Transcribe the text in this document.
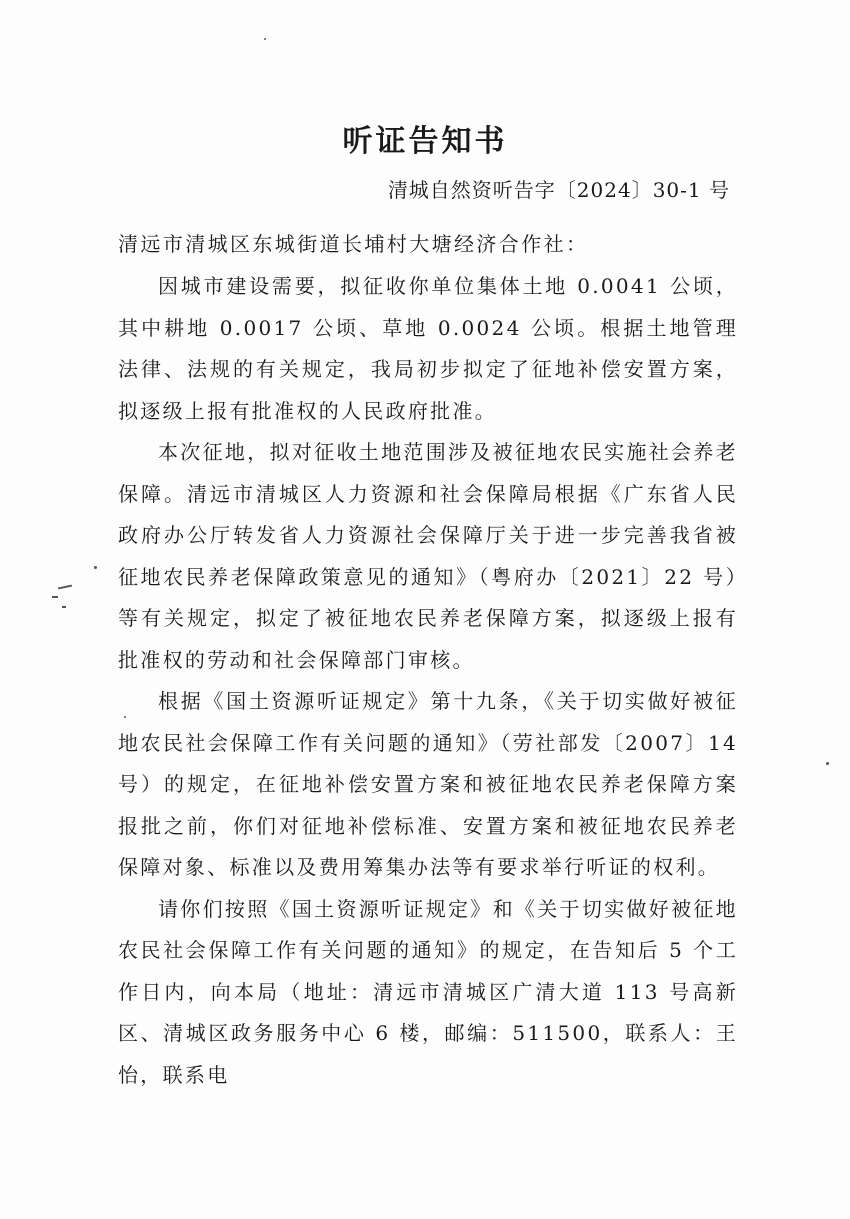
听证告知书
清城自然资听告字〔2024〕30-1 号
清远市清城区东城街道长埔村大塘经济合作社：

因城市建设需要，拟征收你单位集体土地 0.0041 公顷，其中耕地 0.0017 公顷、草地 0.0024 公顷。根据土地管理法律、法规的有关规定，我局初步拟定了征地补偿安置方案，拟逐级上报有批准权的人民政府批准。

本次征地，拟对征收土地范围涉及被征地农民实施社会养老保障。清远市清城区人力资源和社会保障局根据《广东省人民政府办公厅转发省人力资源社会保障厅关于进一步完善我省被征地农民养老保障政策意见的通知》（粤府办〔2021〕22 号）等有关规定，拟定了被征地农民养老保障方案，拟逐级上报有批准权的劳动和社会保障部门审核。

根据《国土资源听证规定》第十九条，《关于切实做好被征地农民社会保障工作有关问题的通知》（劳社部发〔2007〕14 号）的规定，在征地补偿安置方案和被征地农民养老保障方案报批之前，你们对征地补偿标准、安置方案和被征地农民养老保障对象、标准以及费用筹集办法等有要求举行听证的权利。

请你们按照《国土资源听证规定》和《关于切实做好被征地农民社会保障工作有关问题的通知》的规定，在告知后 5 个工作日内，向本局（地址：清远市清城区广清大道 113 号高新区、清城区政务服务中心 6 楼，邮编：511500，联系人：王怡，联系电
